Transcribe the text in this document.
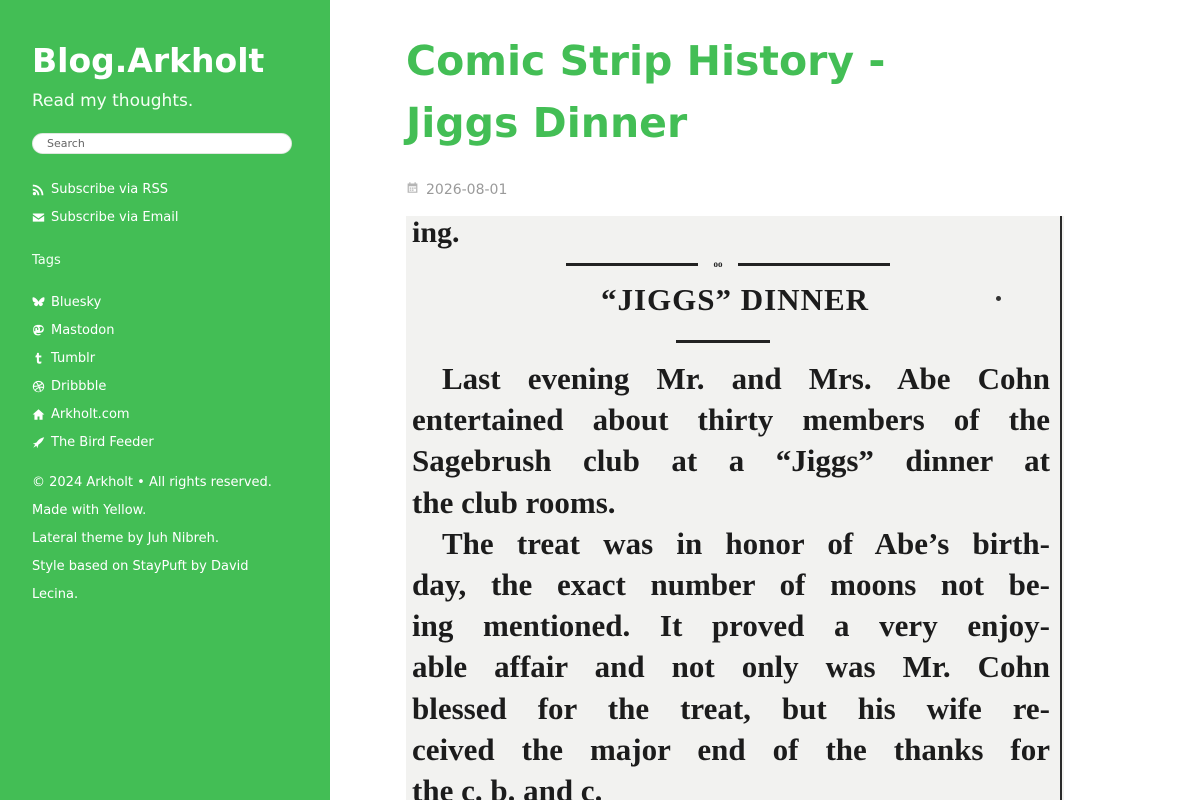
Blog.Arkholt
Read my thoughts.
Search
Subscribe via RSS
Subscribe via Email
Tags
Bluesky
Mastodon
Tumblr
Dribbble
Arkholt.com
The Bird Feeder
© 2024 Arkholt • All rights reserved.
Made with Yellow.
Lateral theme by Juh Nibreh.
Style based on StayPuft by David Lecina.
Comic Strip History - Jiggs Dinner
2026-08-01
ing.
oo
“JIGGS” DINNER
Last evening Mr. and Mrs. Abe Cohn
entertained about thirty members of the
Sagebrush club at a “Jiggs” dinner at
the club rooms.
The treat was in honor of Abe’s birth-
day, the exact number of moons not be-
ing mentioned. It proved a very enjoy-
able affair and not only was Mr. Cohn
blessed for the treat, but his wife re-
ceived the major end of the thanks for
the c. b. and c.
